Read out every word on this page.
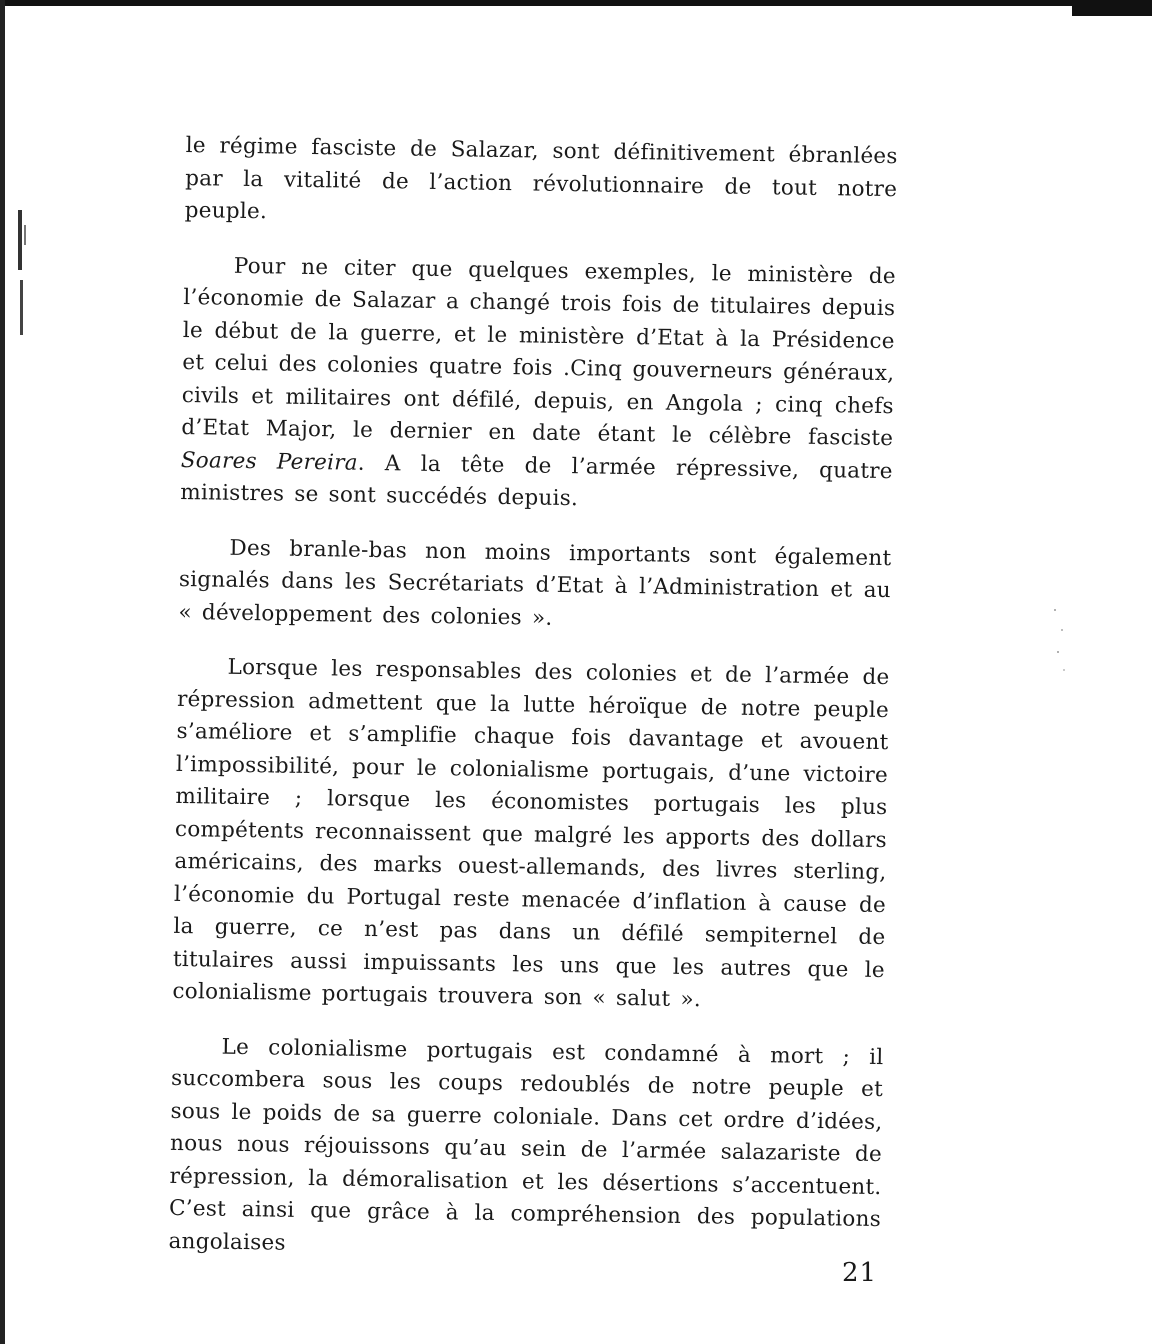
le régime fasciste de Salazar, sont définitivement ébranlées par la vitalité de l’action révolutionnaire de tout notre peuple.

Pour ne citer que quelques exemples, le ministère de l’économie de Salazar a changé trois fois de titulaires depuis le début de la guerre, et le ministère d’Etat à la Présidence et celui des colonies quatre fois .Cinq gouverneurs généraux, civils et militaires ont défilé, depuis, en Angola ; cinq chefs d’Etat Major, le dernier en date étant le célèbre fasciste Soares Pereira. A la tête de l’armée répressive, quatre ministres se sont succédés depuis.

Des branle-bas non moins importants sont également signalés dans les Secrétariats d’Etat à l’Administration et au « développement des colonies ».

Lorsque les responsables des colonies et de l’armée de répression admettent que la lutte héroïque de notre peuple s’améliore et s’amplifie chaque fois davantage et avouent l’impossibilité, pour le colonialisme portugais, d’une victoire militaire ; lorsque les économistes portugais les plus compétents reconnaissent que malgré les apports des dollars américains, des marks ouest-allemands, des livres sterling, l’économie du Portugal reste menacée d’inflation à cause de la guerre, ce n’est pas dans un défilé sempiternel de titulaires aussi impuissants les uns que les autres que le colonialisme portugais trouvera son « salut ».

Le colonialisme portugais est condamné à mort ; il succombera sous les coups redoublés de notre peuple et sous le poids de sa guerre coloniale. Dans cet ordre d’idées, nous nous réjouissons qu’au sein de l’armée salazariste de répression, la démoralisation et les désertions s’accentuent. C’est ainsi que grâce à la compréhension des populations angolaises

21
